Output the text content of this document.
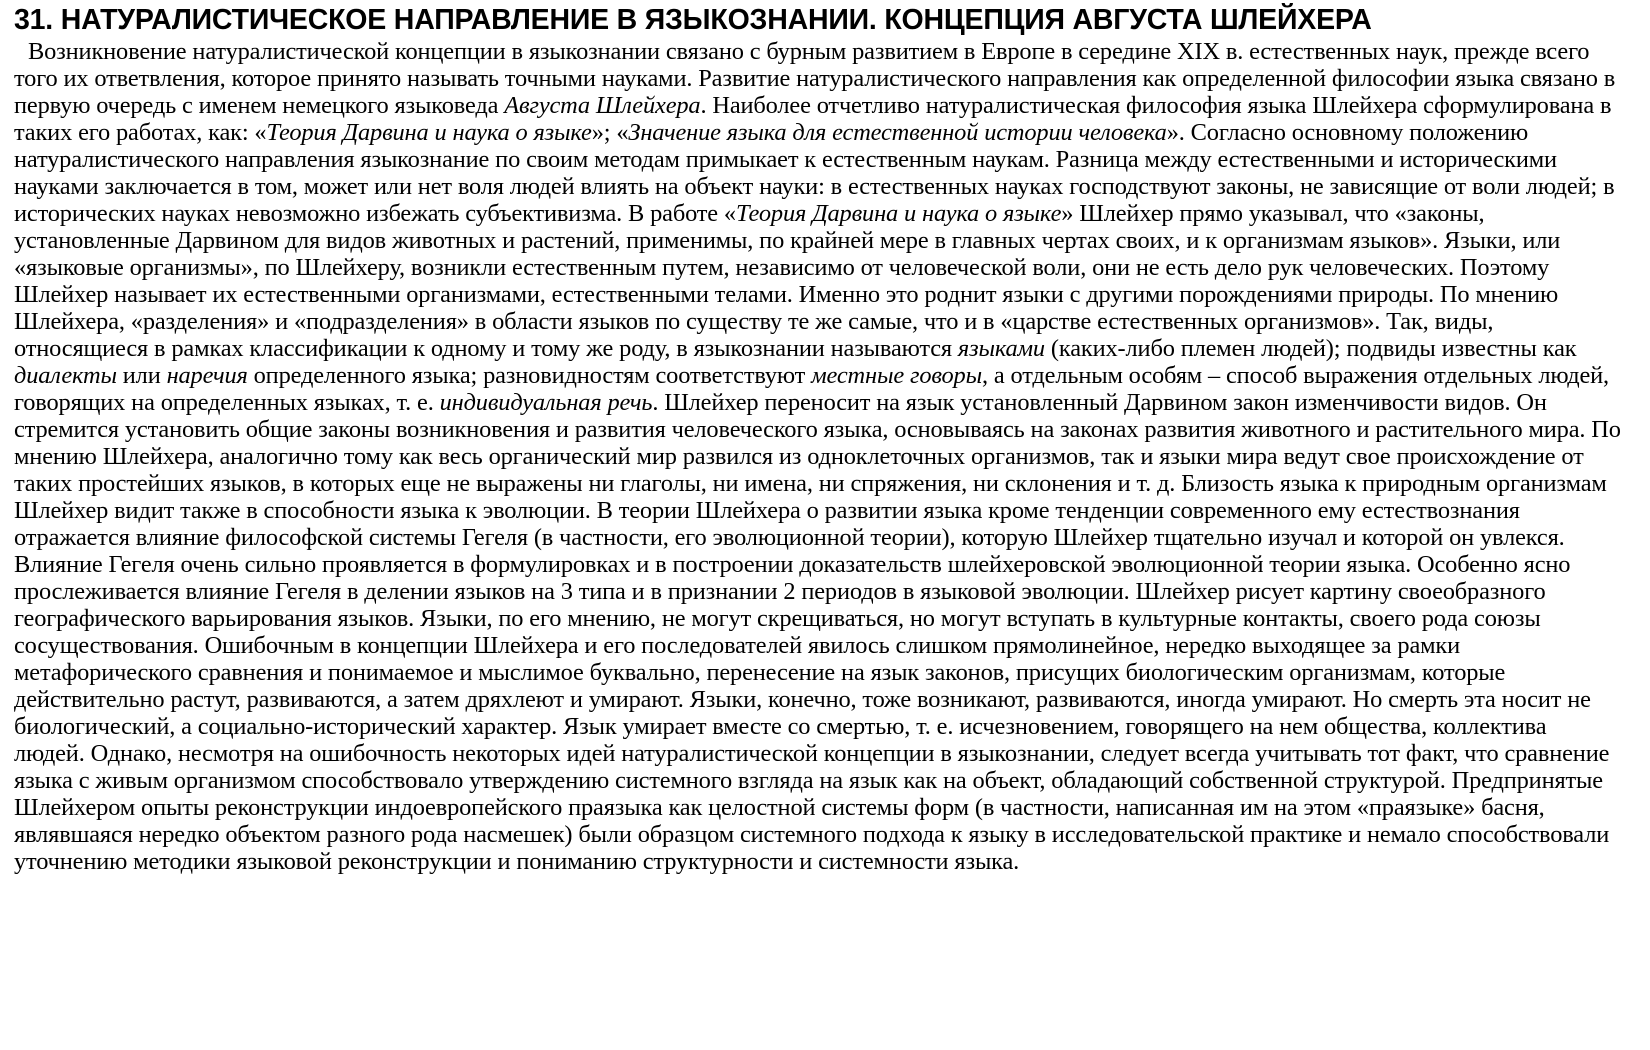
31. НАТУРАЛИСТИЧЕСКОЕ НАПРАВЛЕНИЕ В ЯЗЫКОЗНАНИИ. КОНЦЕПЦИЯ АВГУСТА ШЛЕЙХЕРА

Возникновение натуралистической концепции в языкознании связано с бурным развитием в Европе в середине XIX в. естественных наук, прежде всего того их ответвления, которое принято называть точными науками. Развитие натуралистического направления как определенной философии языка связано в первую очередь с именем немецкого языковеда Августа Шлейхера. Наиболее отчетливо натуралистическая философия языка Шлейхера сформулирована в таких его работах, как: «Теория Дарвина и наука о языке»; «Значение языка для естественной истории человека». Согласно основному положению натуралистического направления языкознание по своим методам примыкает к естественным наукам. Разница между естественными и историческими науками заключается в том, может или нет воля людей влиять на объект науки: в естественных науках господствуют законы, не зависящие от воли людей; в исторических науках невозможно избежать субъективизма. В работе «Теория Дарвина и наука о языке» Шлейхер прямо указывал, что «законы, установленные Дарвином для видов животных и растений, применимы, по крайней мере в главных чертах своих, и к организмам языков». Языки, или «языковые организмы», по Шлейхеру, возникли естественным путем, независимо от человеческой воли, они не есть дело рук человеческих. Поэтому Шлейхер называет их естественными организмами, естественными телами. Именно это роднит языки с другими порождениями природы. По мнению Шлейхера, «разделения» и «подразделения» в области языков по существу те же самые, что и в «царстве естественных организмов». Так, виды, относящиеся в рамках классификации к одному и тому же роду, в языкознании называются языками (каких-либо племен людей); подвиды известны как диалекты или наречия определенного языка; разновидностям соответствуют местные говоры, а отдельным особям – способ выражения отдельных людей, говорящих на определенных языках, т. е. индивидуальная речь. Шлейхер переносит на язык установленный Дарвином закон изменчивости видов. Он стремится установить общие законы возникновения и развития человеческого языка, основываясь на законах развития животного и растительного мира. По мнению Шлейхера, аналогично тому как весь органический мир развился из одноклеточных организмов, так и языки мира ведут свое происхождение от таких простейших языков, в которых еще не выражены ни глаголы, ни имена, ни спряжения, ни склонения и т. д. Близость языка к природным организмам Шлейхер видит также в способности языка к эволюции. В теории Шлейхера о развитии языка кроме тенденции современного ему естествознания отражается влияние философской системы Гегеля (в частности, его эволюционной теории), которую Шлейхер тщательно изучал и которой он увлекся. Влияние Гегеля очень сильно проявляется в формулировках и в построении доказательств шлейхеровской эволюционной теории языка. Особенно ясно прослеживается влияние Гегеля в делении языков на 3 типа и в признании 2 периодов в языковой эволюции. Шлейхер рисует картину своеобразного географического варьирования языков. Языки, по его мнению, не могут скрещиваться, но могут вступать в культурные контакты, своего рода союзы сосуществования. Ошибочным в концепции Шлейхера и его последователей явилось слишком прямолинейное, нередко выходящее за рамки метафорического сравнения и понимаемое и мыслимое буквально, перенесение на язык законов, присущих биологическим организмам, которые действительно растут, развиваются, а затем дряхлеют и умирают. Языки, конечно, тоже возникают, развиваются, иногда умирают. Но смерть эта носит не биологический, а социально-исторический характер. Язык умирает вместе со смертью, т. е. исчезновением, говорящего на нем общества, коллектива людей. Однако, несмотря на ошибочность некоторых идей натуралистической концепции в языкознании, следует всегда учитывать тот факт, что сравнение языка с живым организмом способствовало утверждению системного взгляда на язык как на объект, обладающий собственной структурой. Предпринятые Шлейхером опыты реконструкции индоевропейского праязыка как целостной системы форм (в частности, написанная им на этом «праязыке» басня, являвшаяся нередко объектом разного рода насмешек) были образцом системного подхода к языку в исследовательской практике и немало способствовали уточнению методики языковой реконструкции и пониманию структурности и системности языка.
